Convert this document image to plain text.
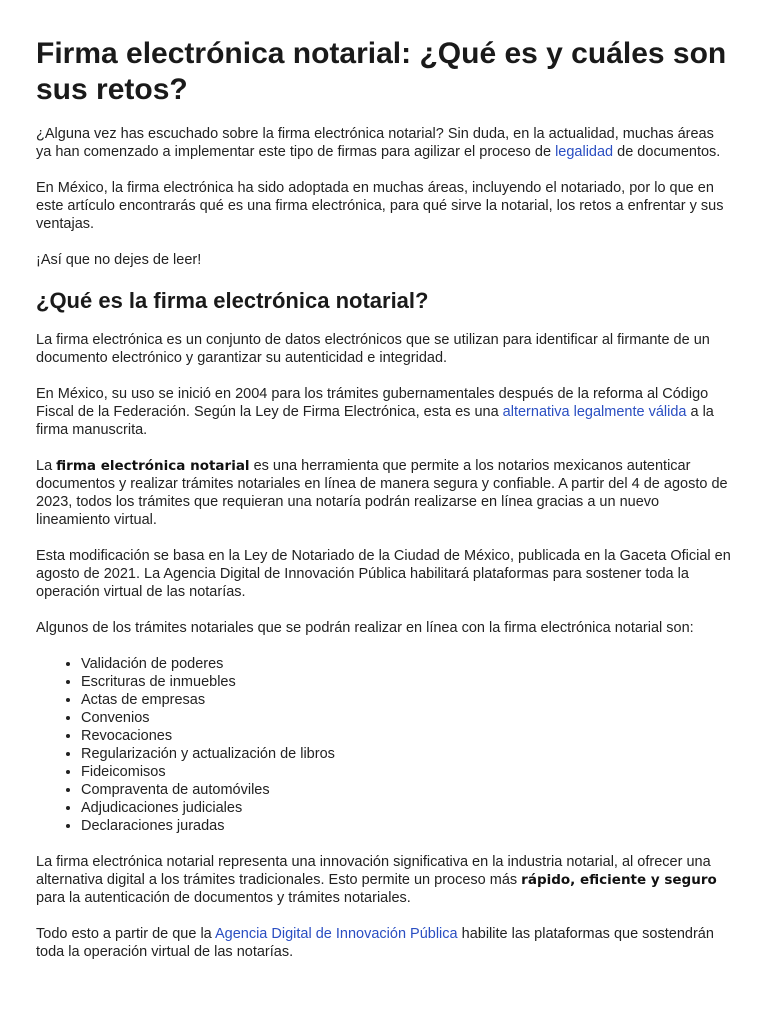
Firma electrónica notarial: ¿Qué es y cuáles son sus retos?

¿Alguna vez has escuchado sobre la firma electrónica notarial? Sin duda, en la actualidad, muchas áreas ya han comenzado a implementar este tipo de firmas para agilizar el proceso de legalidad de documentos.

En México, la firma electrónica ha sido adoptada en muchas áreas, incluyendo el notariado, por lo que en este artículo encontrarás qué es una firma electrónica, para qué sirve la notarial, los retos a enfrentar y sus ventajas.

¡Así que no dejes de leer!

¿Qué es la firma electrónica notarial?

La firma electrónica es un conjunto de datos electrónicos que se utilizan para identificar al firmante de un documento electrónico y garantizar su autenticidad e integridad.

En México, su uso se inició en 2004 para los trámites gubernamentales después de la reforma al Código Fiscal de la Federación. Según la Ley de Firma Electrónica, esta es una alternativa legalmente válida a la firma manuscrita.

La firma electrónica notarial es una herramienta que permite a los notarios mexicanos autenticar documentos y realizar trámites notariales en línea de manera segura y confiable. A partir del 4 de agosto de 2023, todos los trámites que requieran una notaría podrán realizarse en línea gracias a un nuevo lineamiento virtual.

Esta modificación se basa en la Ley de Notariado de la Ciudad de México, publicada en la Gaceta Oficial en agosto de 2021. La Agencia Digital de Innovación Pública habilitará plataformas para sostener toda la operación virtual de las notarías.

Algunos de los trámites notariales que se podrán realizar en línea con la firma electrónica notarial son:

• Validación de poderes
• Escrituras de inmuebles
• Actas de empresas
• Convenios
• Revocaciones
• Regularización y actualización de libros
• Fideicomisos
• Compraventa de automóviles
• Adjudicaciones judiciales
• Declaraciones juradas

La firma electrónica notarial representa una innovación significativa en la industria notarial, al ofrecer una alternativa digital a los trámites tradicionales. Esto permite un proceso más rápido, eficiente y seguro para la autenticación de documentos y trámites notariales.

Todo esto a partir de que la Agencia Digital de Innovación Pública habilite las plataformas que sostendrán toda la operación virtual de las notarías.
